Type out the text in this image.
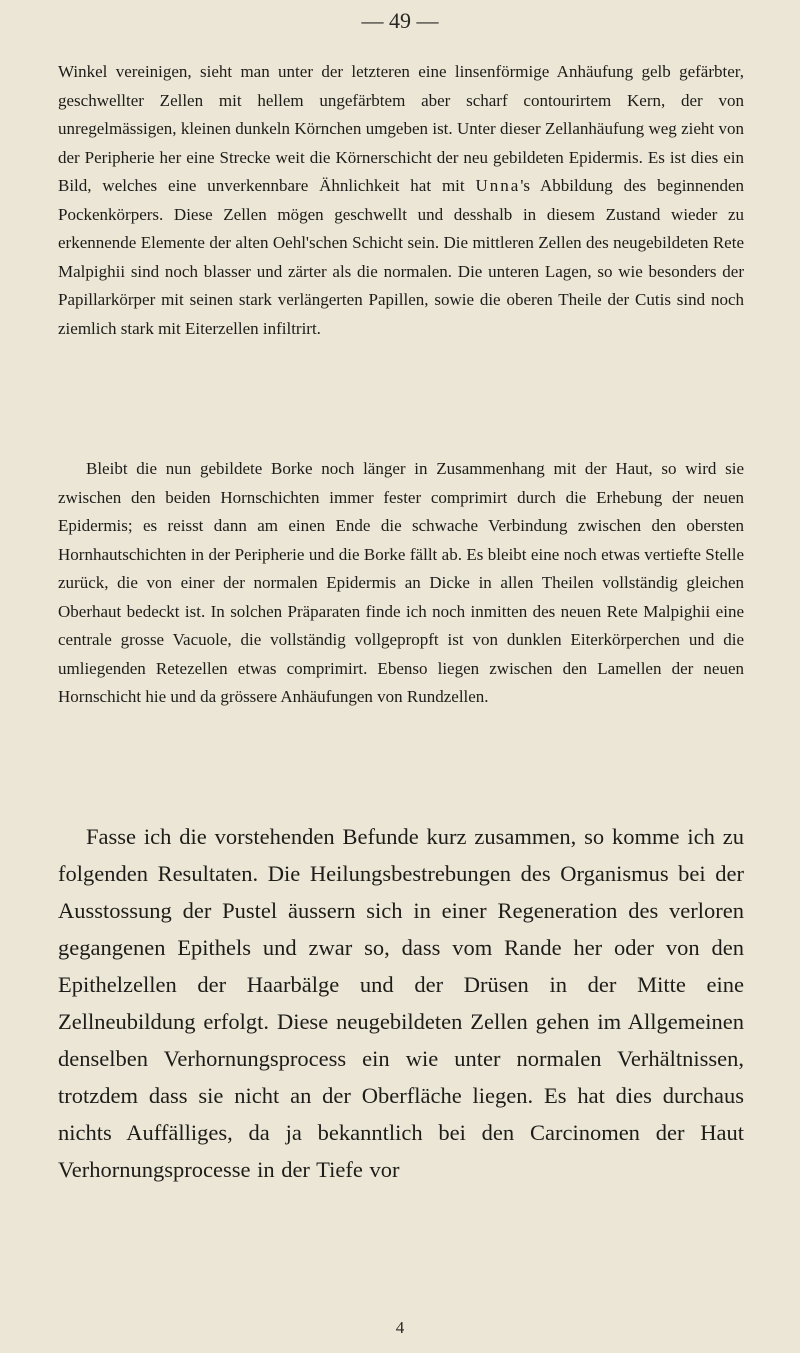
— 49 —
Winkel vereinigen, sieht man unter der letzteren eine linsenförmige Anhäufung gelb gefärbter, geschwellter Zellen mit hellem ungefärbtem aber scharf contourirtem Kern, der von unregelmässigen, kleinen dunkeln Körnchen umgeben ist. Unter dieser Zellanhäufung weg zieht von der Peripherie her eine Strecke weit die Körnerschicht der neu gebildeten Epidermis. Es ist dies ein Bild, welches eine unverkennbare Ähnlichkeit hat mit Unna's Abbildung des beginnenden Pockenkörpers. Diese Zellen mögen geschwellt und desshalb in diesem Zustand wieder zu erkennende Elemente der alten Oehl'schen Schicht sein. Die mittleren Zellen des neugebildeten Rete Malpighii sind noch blasser und zärter als die normalen. Die unteren Lagen, so wie besonders der Papillarkörper mit seinen stark verlängerten Papillen, sowie die oberen Theile der Cutis sind noch ziemlich stark mit Eiterzellen infiltrirt.

Bleibt die nun gebildete Borke noch länger in Zusammenhang mit der Haut, so wird sie zwischen den beiden Hornschichten immer fester comprimirt durch die Erhebung der neuen Epidermis; es reisst dann am einen Ende die schwache Verbindung zwischen den obersten Hornhautschichten in der Peripherie und die Borke fällt ab. Es bleibt eine noch etwas vertiefte Stelle zurück, die von einer der normalen Epidermis an Dicke in allen Theilen vollständig gleichen Oberhaut bedeckt ist. In solchen Präparaten finde ich noch inmitten des neuen Rete Malpighii eine centrale grosse Vacuole, die vollständig vollgepropft ist von dunklen Eiterkörperchen und die umliegenden Retezellen etwas comprimirt. Ebenso liegen zwischen den Lamellen der neuen Hornschicht hie und da grössere Anhäufungen von Rundzellen.

Fasse ich die vorstehenden Befunde kurz zusammen, so komme ich zu folgenden Resultaten. Die Heilungsbestrebungen des Organismus bei der Ausstossung der Pustel äussern sich in einer Regeneration des verloren gegangenen Epithels und zwar so, dass vom Rande her oder von den Epithelzellen der Haarbälge und der Drüsen in der Mitte eine Zellneubildung erfolgt. Diese neugebildeten Zellen gehen im Allgemeinen denselben Verhornungsprocess ein wie unter normalen Verhältnissen, trotzdem dass sie nicht an der Oberfläche liegen. Es hat dies durchaus nichts Auffälliges, da ja bekanntlich bei den Carcinomen der Haut Verhornungsprocesse in der Tiefe vor

4
